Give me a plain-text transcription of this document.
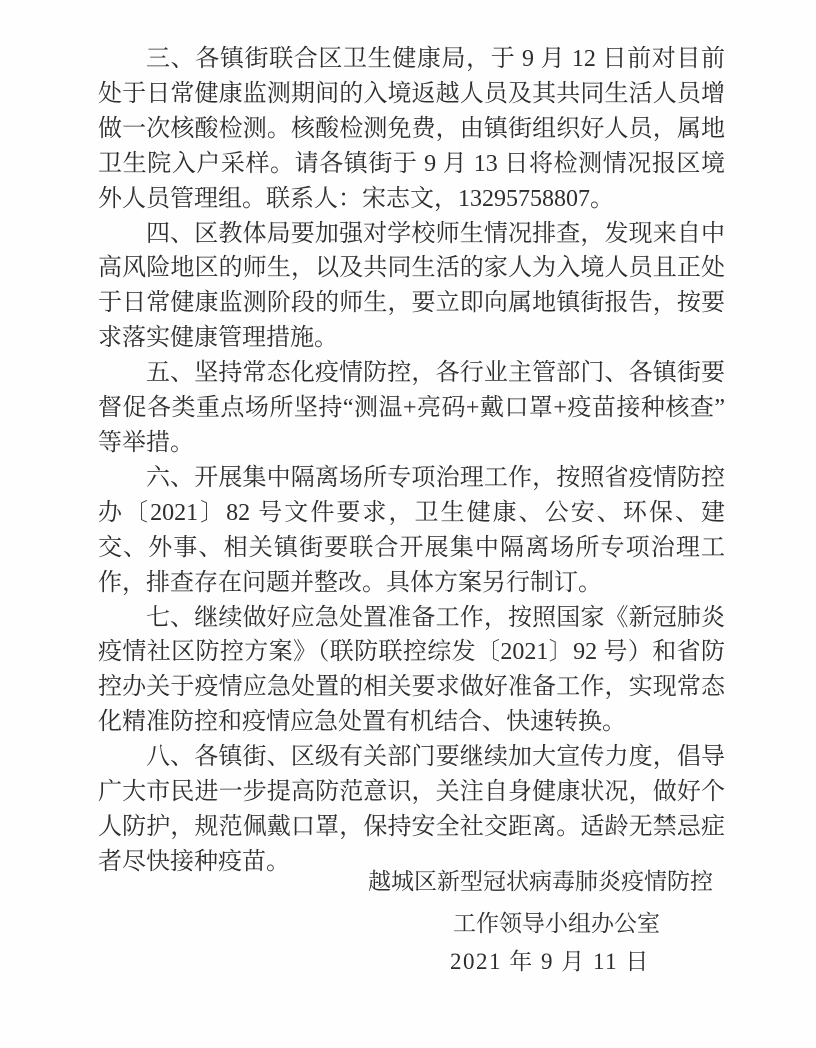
三、各镇街联合区卫生健康局，于 9 月 12 日前对目前处于日常健康监测期间的入境返越人员及其共同生活人员增做一次核酸检测。核酸检测免费，由镇街组织好人员，属地卫生院入户采样。请各镇街于 9 月 13 日将检测情况报区境外人员管理组。联系人：宋志文，13295758807。

四、区教体局要加强对学校师生情况排查，发现来自中高风险地区的师生，以及共同生活的家人为入境人员且正处于日常健康监测阶段的师生，要立即向属地镇街报告，按要求落实健康管理措施。

五、坚持常态化疫情防控，各行业主管部门、各镇街要督促各类重点场所坚持“测温+亮码+戴口罩+疫苗接种核查”等举措。

六、开展集中隔离场所专项治理工作，按照省疫情防控办〔2021〕82 号文件要求，卫生健康、公安、环保、建交、外事、相关镇街要联合开展集中隔离场所专项治理工作，排查存在问题并整改。具体方案另行制订。

七、继续做好应急处置准备工作，按照国家《新冠肺炎疫情社区防控方案》（联防联控综发〔2021〕92 号）和省防控办关于疫情应急处置的相关要求做好准备工作，实现常态化精准防控和疫情应急处置有机结合、快速转换。

八、各镇街、区级有关部门要继续加大宣传力度，倡导广大市民进一步提高防范意识，关注自身健康状况，做好个人防护，规范佩戴口罩，保持安全社交距离。适龄无禁忌症者尽快接种疫苗。

越城区新型冠状病毒肺炎疫情防控
工作领导小组办公室
2021 年 9 月 11 日
